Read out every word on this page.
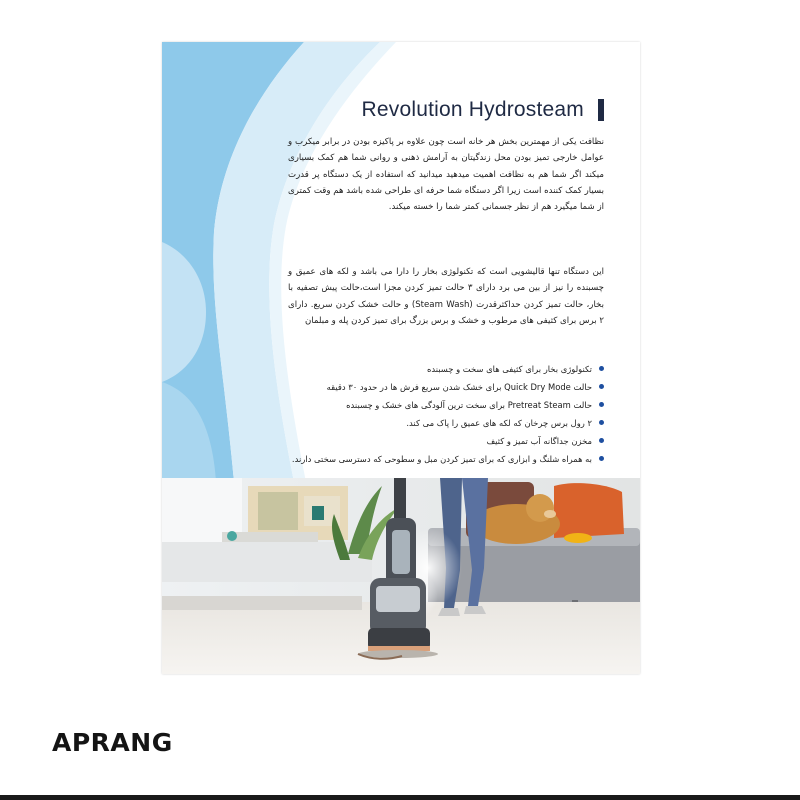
Revolution Hydrosteam

نظافت یکی از مهمترین بخش هر خانه است چون علاوه بر پاکیزه بودن در برابر میکرب و عوامل خارجی تمیز بودن محل زندگیتان به آرامش ذهنی و روانی شما هم کمک بسیاری میکند اگر شما هم به نظافت اهمیت میدهید میدانید که استفاده از یک دستگاه پر قدرت بسیار کمک کننده است زیرا اگر دستگاه شما حرفه ای طراحی شده باشد هم وقت کمتری از شما میگیرد هم از نظر جسمانی کمتر شما را خسته میکند.

این دستگاه تنها قالیشویی است که تکنولوژی بخار را دارا می باشد و لکه های عمیق و چسبنده را نیز از بین می برد دارای ۳ حالت تمیز کردن مجزا است،حالت پیش تصفیه با بخار، حالت تمیز کردن حداکثرقدرت (Steam Wash) و حالت خشک کردن سریع. دارای ۲ برس برای کثیفی های مرطوب و خشک و برس بزرگ برای تمیز کردن پله و مبلمان

تکنولوژی بخار برای کثیفی های سخت و چسبنده
حالت Quick Dry Mode برای خشک شدن سریع فرش ها در حدود ۳۰ دقیقه
حالت Pretreat Steam برای سخت ترین آلودگی های خشک و چسبنده
۲ رول برس چرخان که لکه های عمیق را پاک می کند.
مخزن جداگانه آب تمیز و کثیف
به همراه شلنگ و ابزاری که برای تمیز کردن مبل و سطوحی که دسترسی سختی دارند.
APRANG
